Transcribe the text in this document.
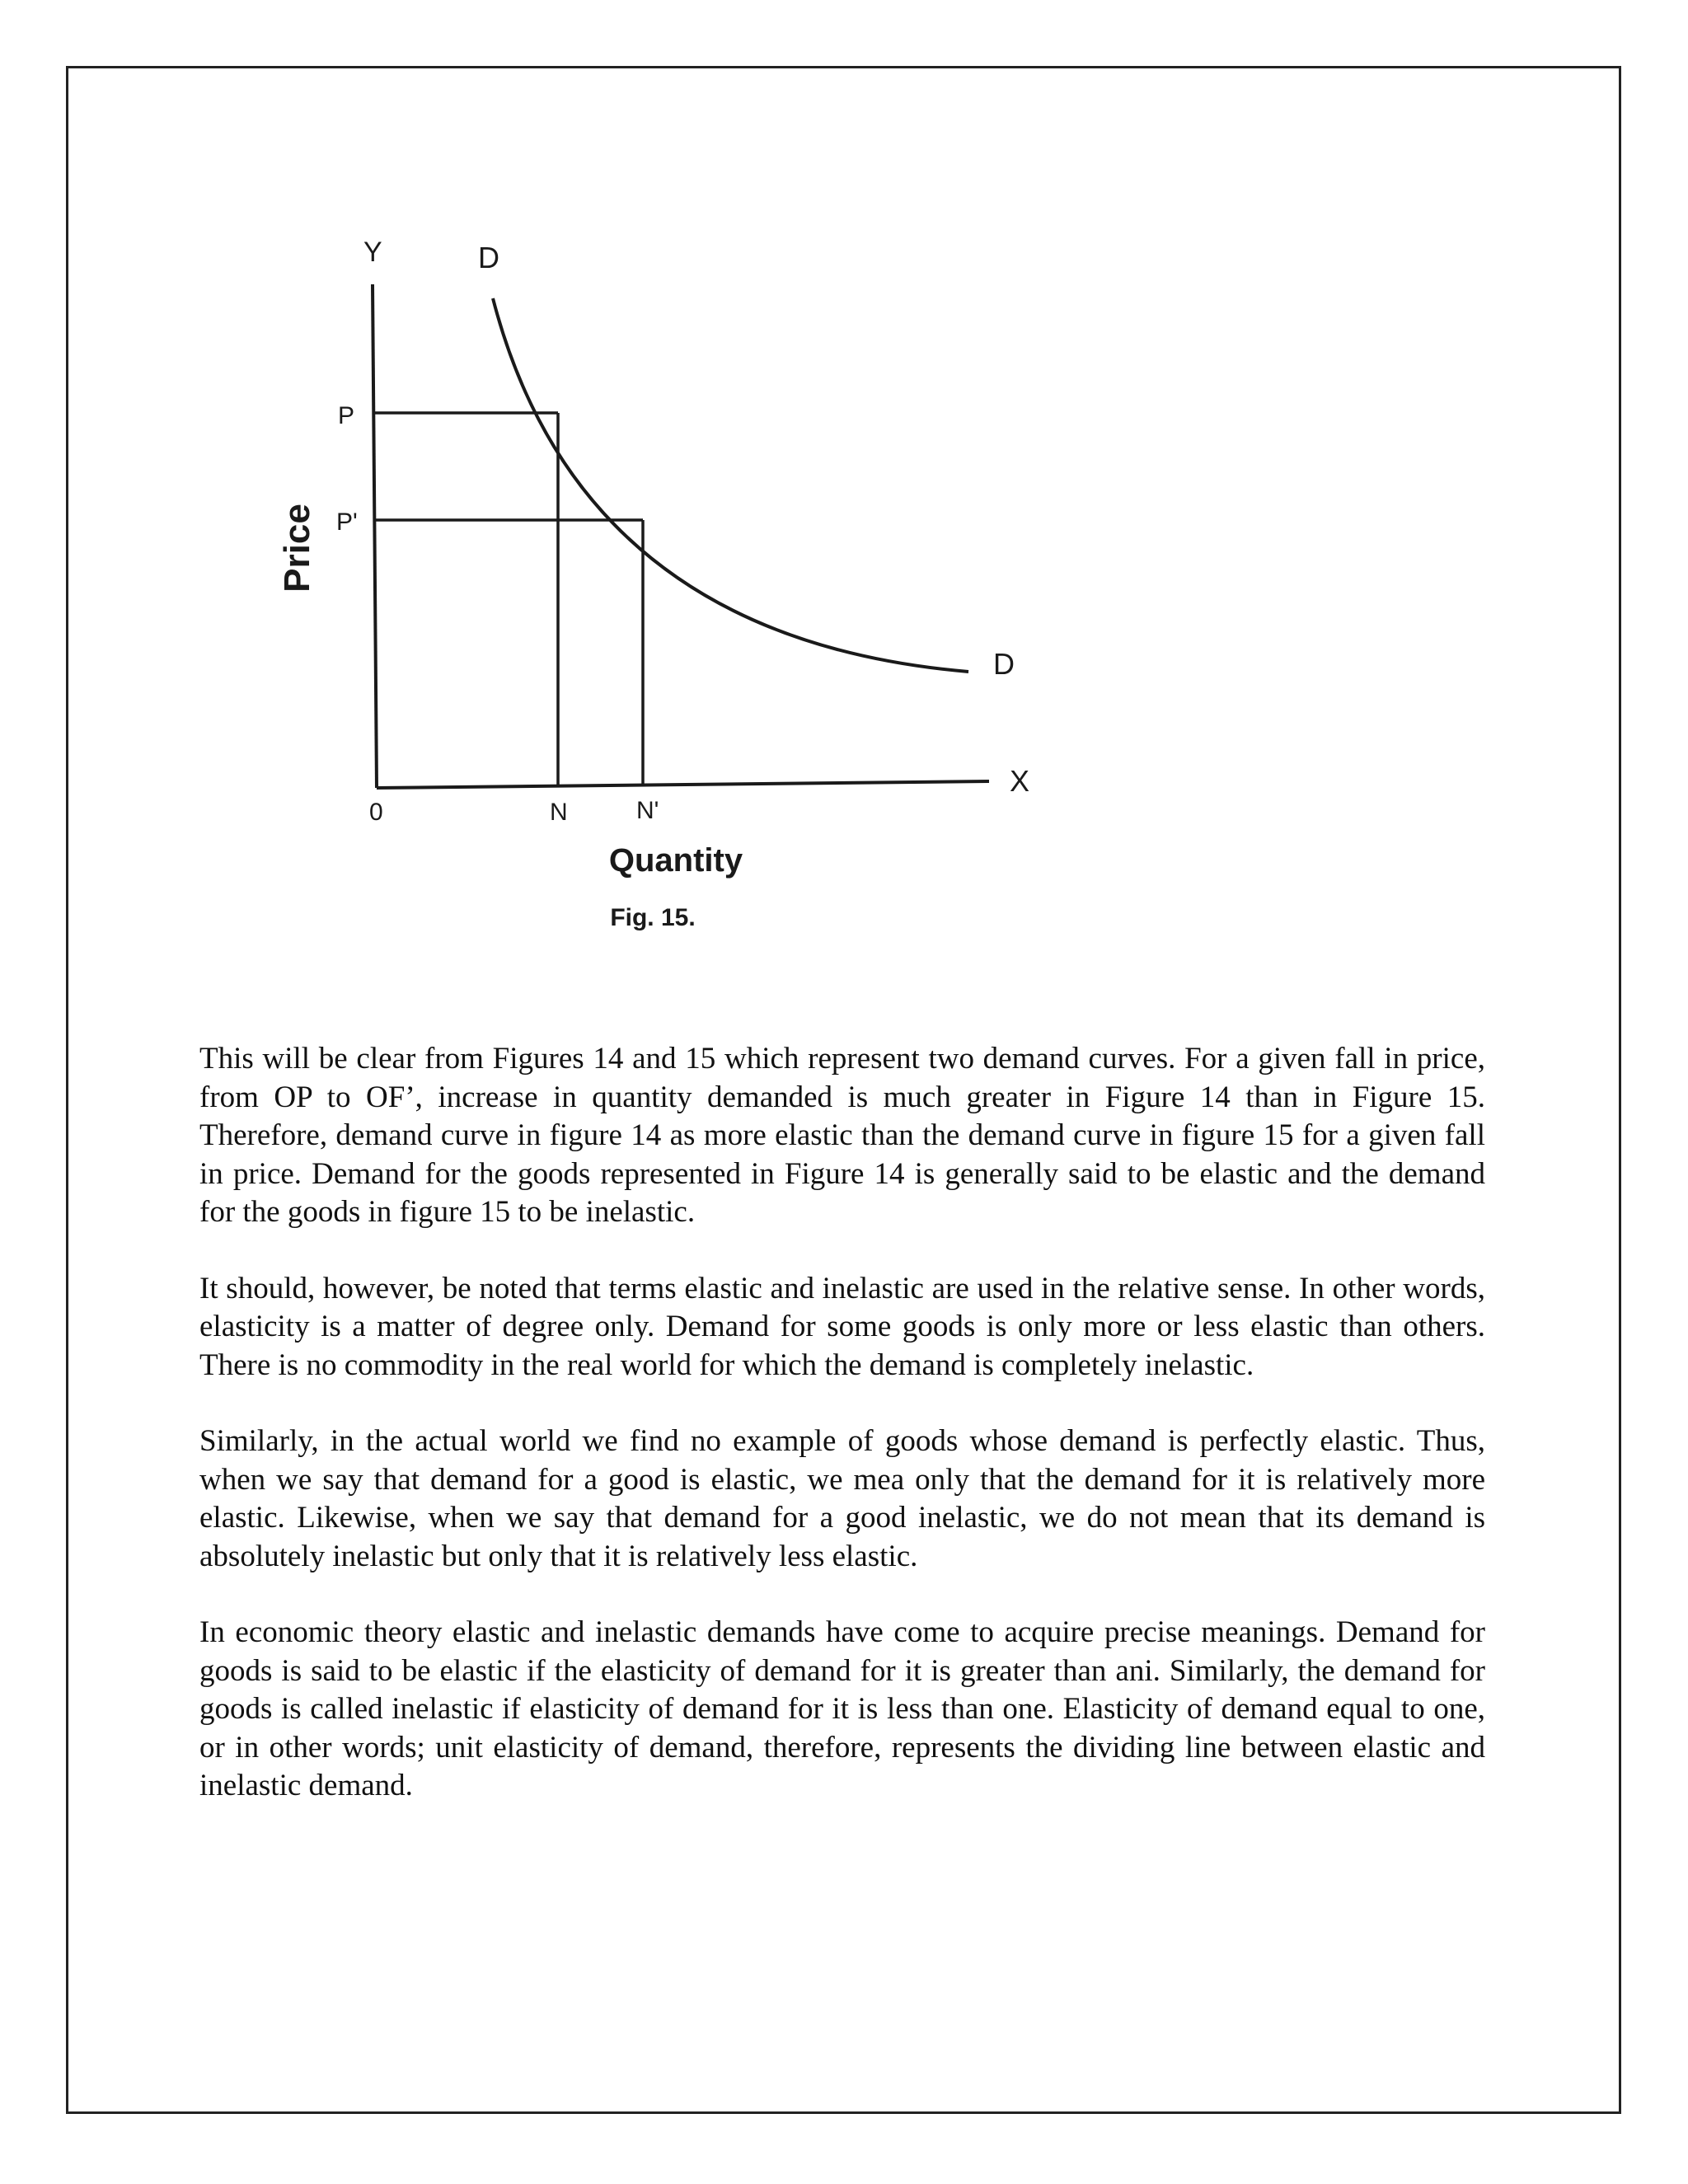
Y	D
P
P'
Price
D
X
0	N	N'
Quantity
Fig. 15.

This will be clear from Figures 14 and 15 which represent two demand curves. For a given fall in price, from OP to OF’, increase in quantity demanded is much greater in Figure 14 than in Figure 15. Therefore, demand curve in figure 14 as more elastic than the demand curve in figure 15 for a given fall in price. Demand for the goods represented in Figure 14 is generally said to be elastic and the demand for the goods in figure 15 to be inelastic.

It should, however, be noted that terms elastic and inelastic are used in the relative sense. In other words, elasticity is a matter of degree only. Demand for some goods is only more or less elastic than others. There is no commodity in the real world for which the demand is completely inelastic.

Similarly, in the actual world we find no example of goods whose demand is perfectly elastic. Thus, when we say that demand for a good is elastic, we mea only that the demand for it is relatively more elastic. Likewise, when we say that demand for a good inelastic, we do not mean that its demand is absolutely inelastic but only that it is relatively less elastic.

In economic theory elastic and inelastic demands have come to acquire precise meanings. Demand for goods is said to be elastic if the elasticity of demand for it is greater than ani. Similarly, the demand for goods is called inelastic if elasticity of demand for it is less than one. Elasticity of demand equal to one, or in other words; unit elasticity of demand, therefore, represents the dividing line between elastic and inelastic demand.
